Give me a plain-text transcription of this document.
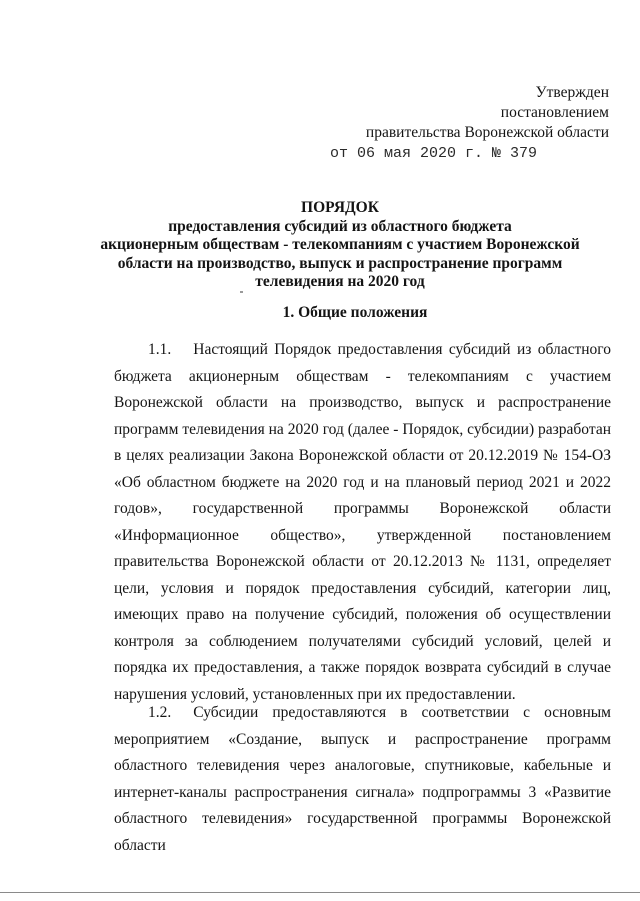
Утвержден
постановлением
правительства Воронежской области
от 06 мая 2020 г. № 379
ПОРЯДОК
предоставления субсидий из областного бюджета
акционерным обществам - телекомпаниям с участием Воронежской
области на производство, выпуск и распространение программ
телевидения на 2020 год
1. Общие положения
1.1. Настоящий Порядок предоставления субсидий из областного бюджета акционерным обществам - телекомпаниям с участием Воронежской области на производство, выпуск и распространение программ телевидения на 2020 год (далее - Порядок, субсидии) разработан в целях реализации Закона Воронежской области от 20.12.2019 № 154-ОЗ «Об областном бюджете на 2020 год и на плановый период 2021 и 2022 годов», государственной программы Воронежской области «Информационное общество», утвержденной постановлением правительства Воронежской области от 20.12.2013 № 1131, определяет цели, условия и порядок предоставления субсидий, категории лиц, имеющих право на получение субсидий, положения об осуществлении контроля за соблюдением получателями субсидий условий, целей и порядка их предоставления, а также порядок возврата субсидий в случае нарушения условий, установленных при их предоставлении.
1.2. Субсидии предоставляются в соответствии с основным мероприятием «Создание, выпуск и распространение программ областного телевидения через аналоговые, спутниковые, кабельные и интернет-каналы распространения сигнала» подпрограммы 3 «Развитие областного телевидения» государственной программы Воронежской области
